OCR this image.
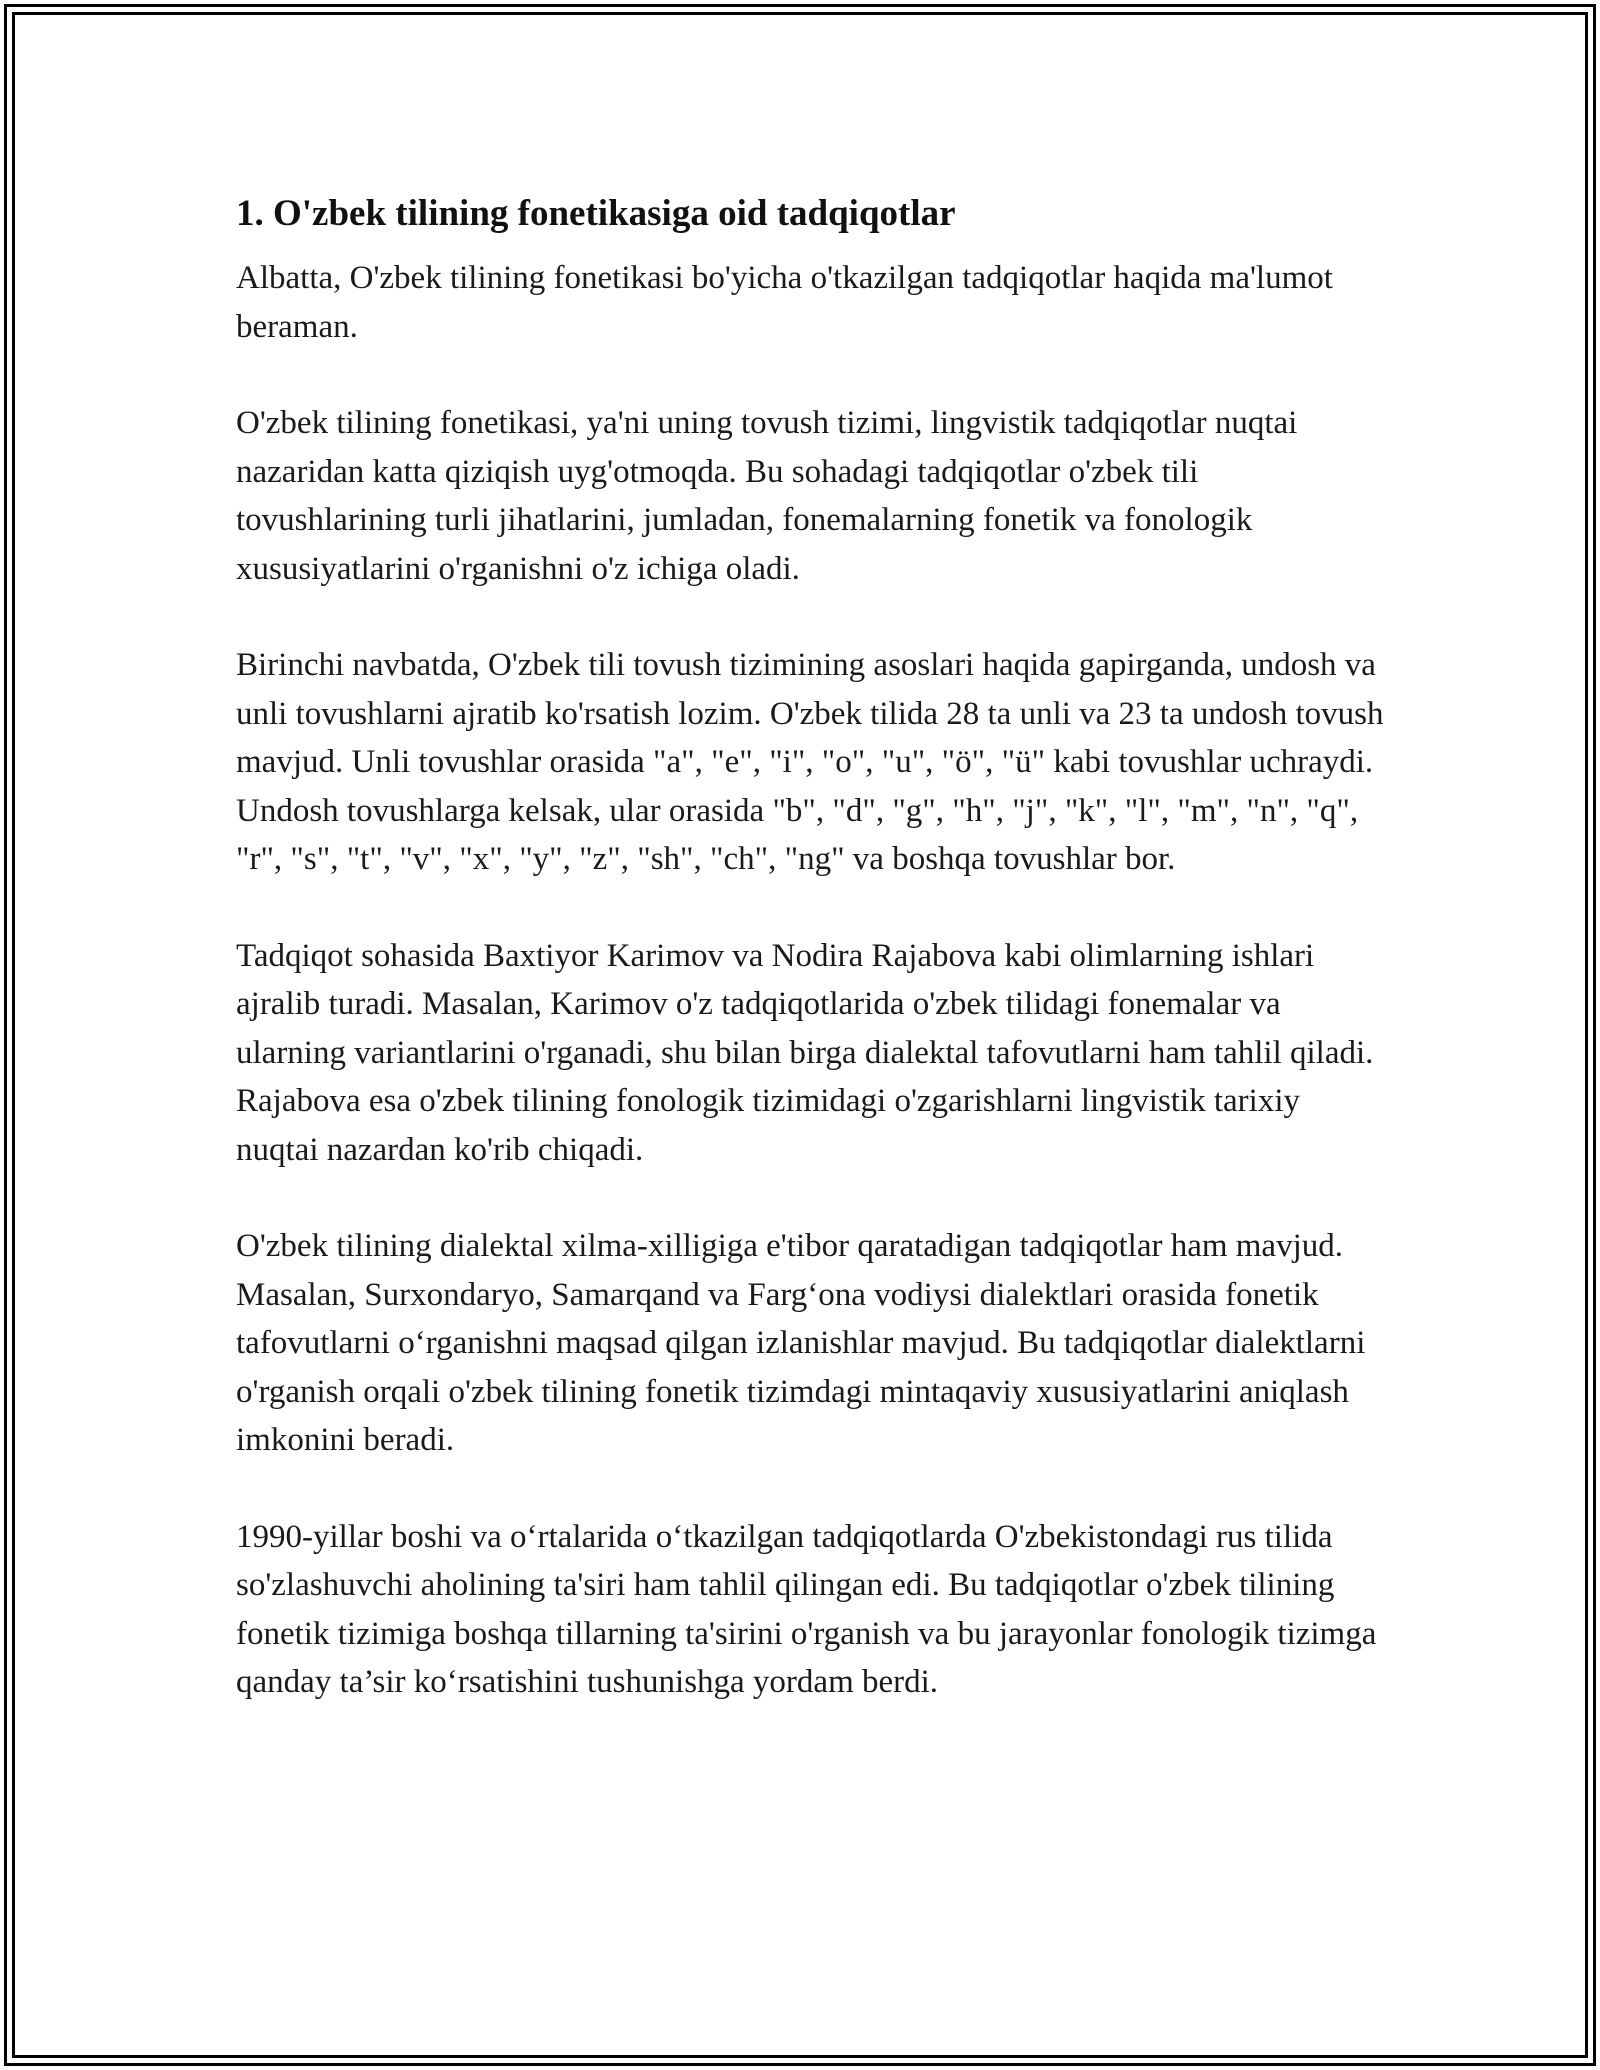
1. O'zbek tilining fonetikasiga oid tadqiqotlar

Albatta, O'zbek tilining fonetikasi bo'yicha o'tkazilgan tadqiqotlar haqida ma'lumot beraman.

O'zbek tilining fonetikasi, ya'ni uning tovush tizimi, lingvistik tadqiqotlar nuqtai nazaridan katta qiziqish uyg'otmoqda. Bu sohadagi tadqiqotlar o'zbek tili tovushlarining turli jihatlarini, jumladan, fonemalarning fonetik va fonologik xususiyatlarini o'rganishni o'z ichiga oladi.

Birinchi navbatda, O'zbek tili tovush tizimining asoslari haqida gapirganda, undosh va unli tovushlarni ajratib ko'rsatish lozim. O'zbek tilida 28 ta unli va 23 ta undosh tovush mavjud. Unli tovushlar orasida "a", "e", "i", "o", "u", "ö", "ü" kabi tovushlar uchraydi. Undosh tovushlarga kelsak, ular orasida "b", "d", "g", "h", "j", "k", "l", "m", "n", "q", "r", "s", "t", "v", "x", "y", "z", "sh", "ch", "ng" va boshqa tovushlar bor.

Tadqiqot sohasida Baxtiyor Karimov va Nodira Rajabova kabi olimlarning ishlari ajralib turadi. Masalan, Karimov o'z tadqiqotlarida o'zbek tilidagi fonemalar va ularning variantlarini o'rganadi, shu bilan birga dialektal tafovutlarni ham tahlil qiladi. Rajabova esa o'zbek tilining fonologik tizimidagi o'zgarishlarni lingvistik tarixiy nuqtai nazardan ko'rib chiqadi.

O'zbek tilining dialektal xilma-xilligiga e'tibor qaratadigan tadqiqotlar ham mavjud. Masalan, Surxondaryo, Samarqand va Farg‘ona vodiysi dialektlari orasida fonetik tafovutlarni o‘rganishni maqsad qilgan izlanishlar mavjud. Bu tadqiqotlar dialektlarni o'rganish orqali o'zbek tilining fonetik tizimdagi mintaqaviy xususiyatlarini aniqlash imkonini beradi.

1990-yillar boshi va o‘rtalarida o‘tkazilgan tadqiqotlarda O'zbekistondagi rus tilida so'zlashuvchi aholining ta'siri ham tahlil qilingan edi. Bu tadqiqotlar o'zbek tilining fonetik tizimiga boshqa tillarning ta'sirini o'rganish va bu jarayonlar fonologik tizimga qanday ta’sir ko‘rsatishini tushunishga yordam berdi.
